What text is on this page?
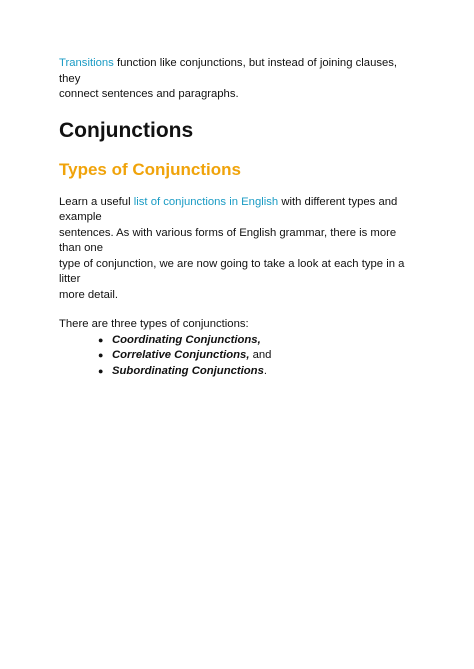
Transitions function like conjunctions, but instead of joining clauses, they
connect sentences and paragraphs.

Conjunctions
Types of Conjunctions

Learn a useful list of conjunctions in English with different types and example
sentences. As with various forms of English grammar, there is more than one
type of conjunction, we are now going to take a look at each type in a litter
more detail.

There are three types of conjunctions:

● Coordinating Conjunctions,
● Correlative Conjunctions, and
● Subordinating Conjunctions.
